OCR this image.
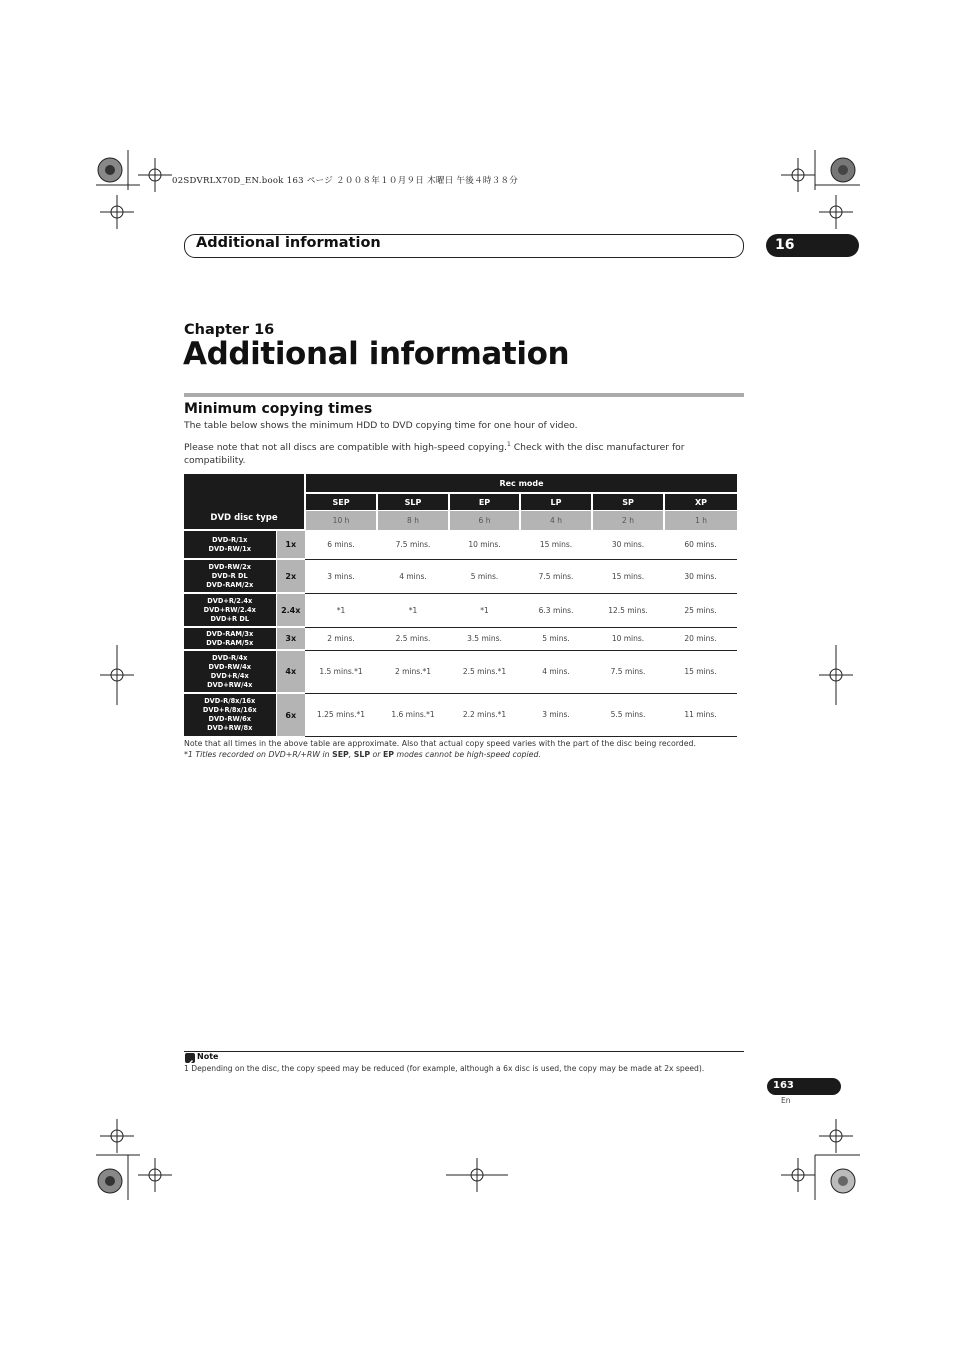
02SDVRLX70D_EN.book 163 ページ ２００８年１０月９日 木曜日 午後４時３８分
Additional information	16
Chapter 16
Additional information
Minimum copying times
The table below shows the minimum HDD to DVD copying time for one hour of video.
Please note that not all discs are compatible with high-speed copying.$^1$ Check with the disc manufacturer for
compatibility.
DVD disc type		Rec mode					
		SEP	SLP	EP	LP	SP	XP
		10 h	8 h	6 h	4 h	2 h	1 h
DVD-R/1x
DVD-RW/1x	1x	6 mins.	7.5 mins.	10 mins.	15 mins.	30 mins.	60 mins.
DVD-RW/2x
DVD-R DL
DVD-RAM/2x	2x	3 mins.	4 mins.	5 mins.	7.5 mins.	15 mins.	30 mins.
DVD+R/2.4x
DVD+RW/2.4x
DVD+R DL	2.4x	*1	*1	*1	6.3 mins.	12.5 mins.	25 mins.
DVD-RAM/3x
DVD-RAM/5x	3x	2 mins.	2.5 mins.	3.5 mins.	5 mins.	10 mins.	20 mins.
DVD-R/4x
DVD-RW/4x
DVD+R/4x
DVD+RW/4x	4x	1.5 mins.*1	2 mins.*1	2.5 mins.*1	4 mins.	7.5 mins.	15 mins.
DVD-R/8x/16x
DVD+R/8x/16x
DVD-RW/6x
DVD+RW/8x	6x	1.25 mins.*1	1.6 mins.*1	2.2 mins.*1	3 mins.	5.5 mins.	11 mins.
Note that all times in the above table are approximate. Also that actual copy speed varies with the part of the disc being recorded.
*1 Titles recorded on DVD+R/+RW in SEP, SLP or EP modes cannot be high-speed copied.
Note
1 Depending on the disc, the copy speed may be reduced (for example, although a 6x disc is used, the copy may be made at 2x speed).
163
En
